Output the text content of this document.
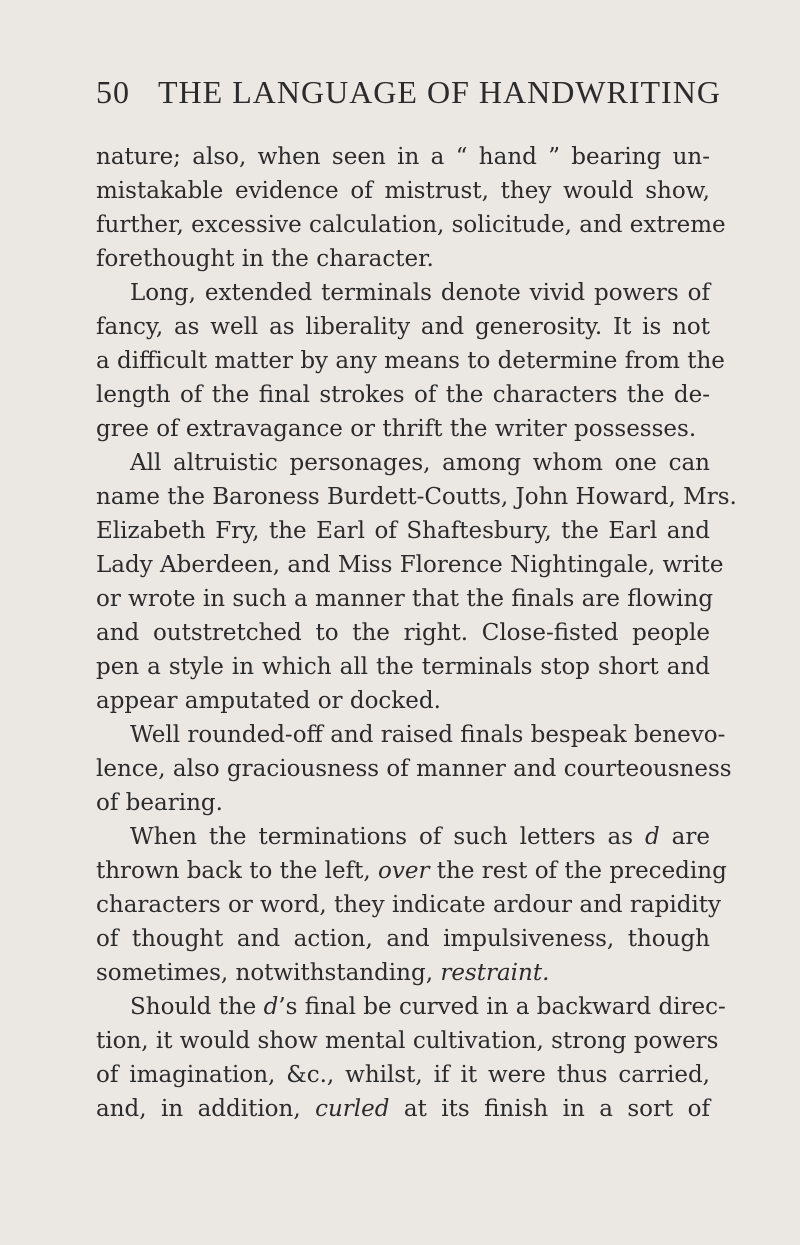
50 THE LANGUAGE OF HANDWRITING
nature; also, when seen in a “ hand ” bearing un-
mistakable evidence of mistrust, they would show,
further, excessive calculation, solicitude, and extreme
forethought in the character.
Long, extended terminals denote vivid powers of
fancy, as well as liberality and generosity. It is not
a difficult matter by any means to determine from the
length of the final strokes of the characters the de-
gree of extravagance or thrift the writer possesses.
All altruistic personages, among whom one can
name the Baroness Burdett-Coutts, John Howard, Mrs.
Elizabeth Fry, the Earl of Shaftesbury, the Earl and
Lady Aberdeen, and Miss Florence Nightingale, write
or wrote in such a manner that the finals are flowing
and outstretched to the right. Close-fisted people
pen a style in which all the terminals stop short and
appear amputated or docked.
Well rounded-off and raised finals bespeak benevo-
lence, also graciousness of manner and courteousness
of bearing.
When the terminations of such letters as d are
thrown back to the left, over the rest of the preceding
characters or word, they indicate ardour and rapidity
of thought and action, and impulsiveness, though
sometimes, notwithstanding, restraint.
Should the d’s final be curved in a backward direc-
tion, it would show mental cultivation, strong powers
of imagination, &c., whilst, if it were thus carried,
and, in addition, curled at its finish in a sort of
